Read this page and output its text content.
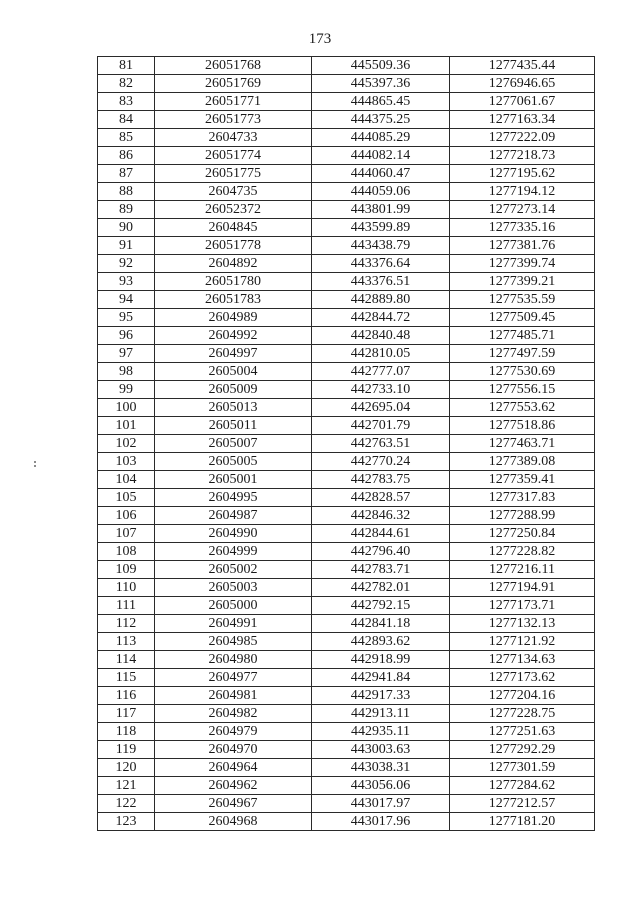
173
81	26051768	445509.36	1277435.44
82	26051769	445397.36	1276946.65
83	26051771	444865.45	1277061.67
84	26051773	444375.25	1277163.34
85	2604733	444085.29	1277222.09
86	26051774	444082.14	1277218.73
87	26051775	444060.47	1277195.62
88	2604735	444059.06	1277194.12
89	26052372	443801.99	1277273.14
90	2604845	443599.89	1277335.16
91	26051778	443438.79	1277381.76
92	2604892	443376.64	1277399.74
93	26051780	443376.51	1277399.21
94	26051783	442889.80	1277535.59
95	2604989	442844.72	1277509.45
96	2604992	442840.48	1277485.71
97	2604997	442810.05	1277497.59
98	2605004	442777.07	1277530.69
99	2605009	442733.10	1277556.15
100	2605013	442695.04	1277553.62
101	2605011	442701.79	1277518.86
102	2605007	442763.51	1277463.71
103	2605005	442770.24	1277389.08
104	2605001	442783.75	1277359.41
105	2604995	442828.57	1277317.83
106	2604987	442846.32	1277288.99
107	2604990	442844.61	1277250.84
108	2604999	442796.40	1277228.82
109	2605002	442783.71	1277216.11
110	2605003	442782.01	1277194.91
111	2605000	442792.15	1277173.71
112	2604991	442841.18	1277132.13
113	2604985	442893.62	1277121.92
114	2604980	442918.99	1277134.63
115	2604977	442941.84	1277173.62
116	2604981	442917.33	1277204.16
117	2604982	442913.11	1277228.75
118	2604979	442935.11	1277251.63
119	2604970	443003.63	1277292.29
120	2604964	443038.31	1277301.59
121	2604962	443056.06	1277284.62
122	2604967	443017.97	1277212.57
123	2604968	443017.96	1277181.20
